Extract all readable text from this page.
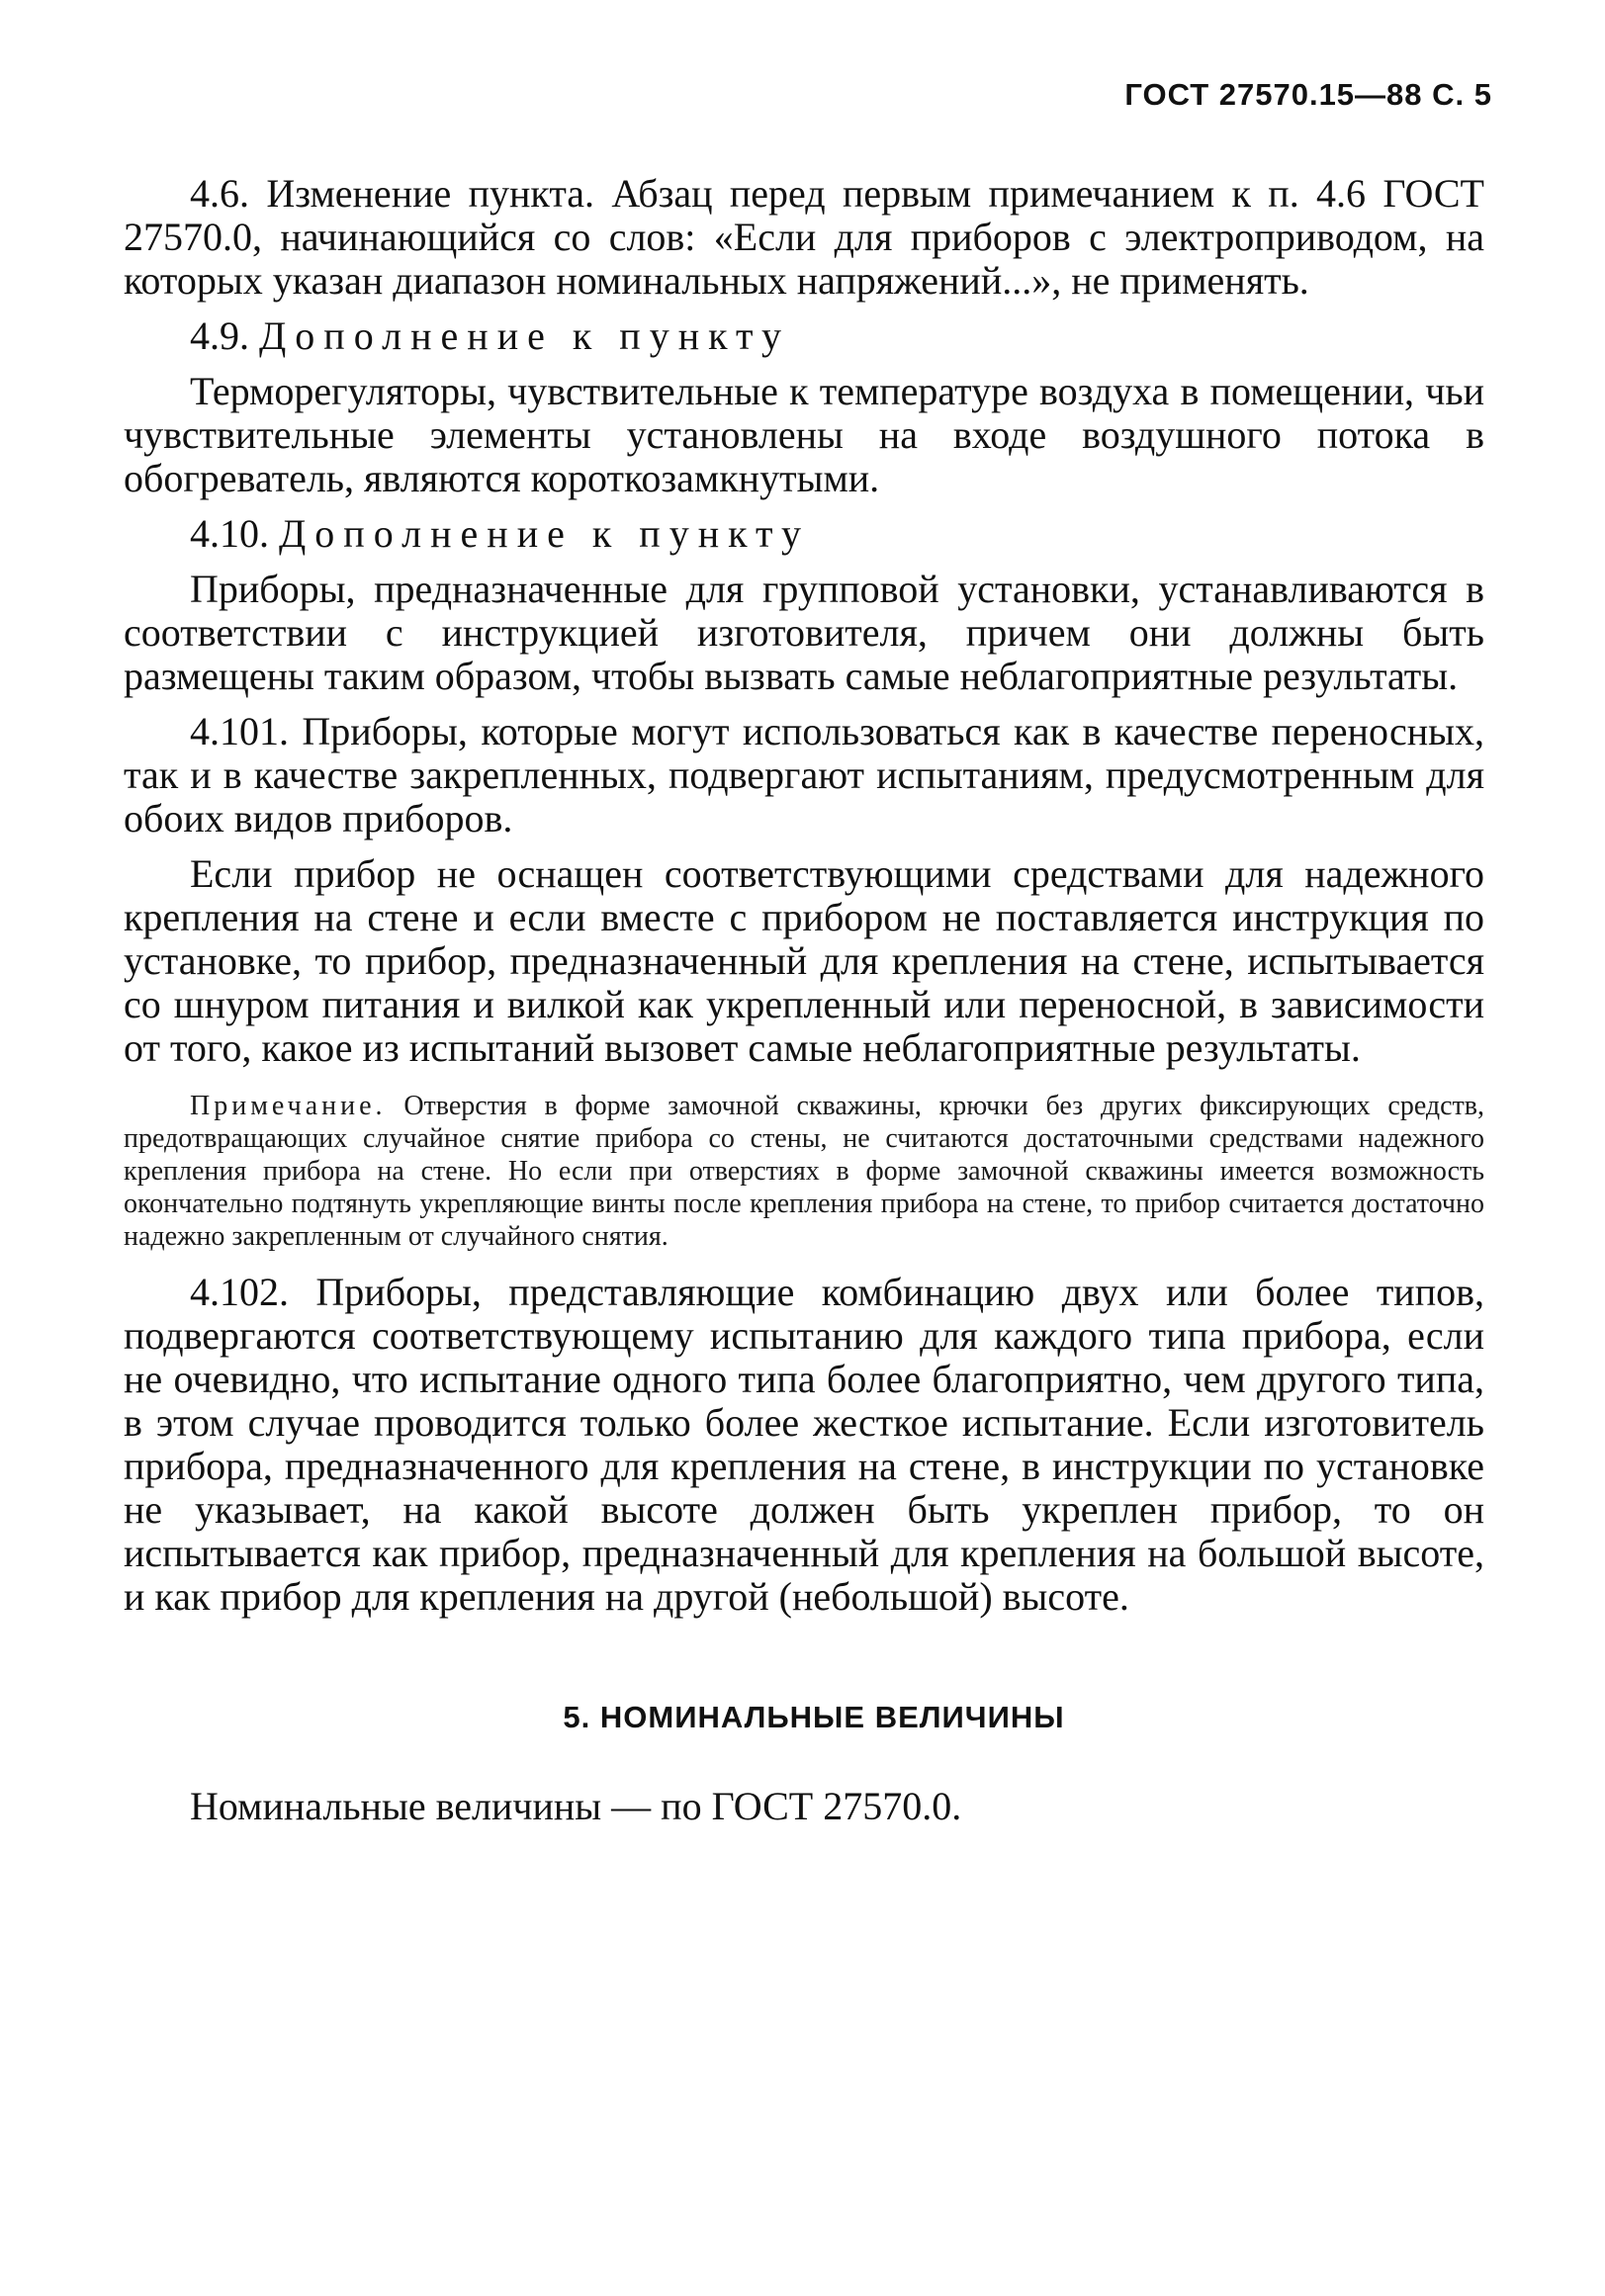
ГОСТ 27570.15—88 С. 5

4.6. Изменение пункта. Абзац перед первым примечанием к п. 4.6 ГОСТ 27570.0, начинающийся со слов: «Если для приборов с электроприводом, на которых указан диапазон номинальных напряжений...», не применять.

4.9. Дополнение к пункту

Терморегуляторы, чувствительные к температуре воздуха в помещении, чьи чувствительные элементы установлены на входе воздушного потока в обогреватель, являются короткозамкнутыми.

4.10. Дополнение к пункту

Приборы, предназначенные для групповой установки, устанавливаются в соответствии с инструкцией изготовителя, причем они должны быть размещены таким образом, чтобы вызвать самые неблагоприятные результаты.

4.101. Приборы, которые могут использоваться как в качестве переносных, так и в качестве закрепленных, подвергают испытаниям, предусмотренным для обоих видов приборов.

Если прибор не оснащен соответствующими средствами для надежного крепления на стене и если вместе с прибором не поставляется инструкция по установке, то прибор, предназначенный для крепления на стене, испытывается со шнуром питания и вилкой как укрепленный или переносной, в зависимости от того, какое из испытаний вызовет самые неблагоприятные результаты.

Примечание. Отверстия в форме замочной скважины, крючки без других фиксирующих средств, предотвращающих случайное снятие прибора со стены, не считаются достаточными средствами надежного крепления прибора на стене. Но если при отверстиях в форме замочной скважины имеется возможность окончательно подтянуть укрепляющие винты после крепления прибора на стене, то прибор считается достаточно надежно закрепленным от случайного снятия.

4.102. Приборы, представляющие комбинацию двух или более типов, подвергаются соответствующему испытанию для каждого типа прибора, если не очевидно, что испытание одного типа более благоприятно, чем другого типа, в этом случае проводится только более жесткое испытание. Если изготовитель прибора, предназначенного для крепления на стене, в инструкции по установке не указывает, на какой высоте должен быть укреплен прибор, то он испытывается как прибор, предназначенный для крепления на большой высоте, и как прибор для крепления на другой (небольшой) высоте.

5. НОМИНАЛЬНЫЕ ВЕЛИЧИНЫ

Номинальные величины — по ГОСТ 27570.0.
